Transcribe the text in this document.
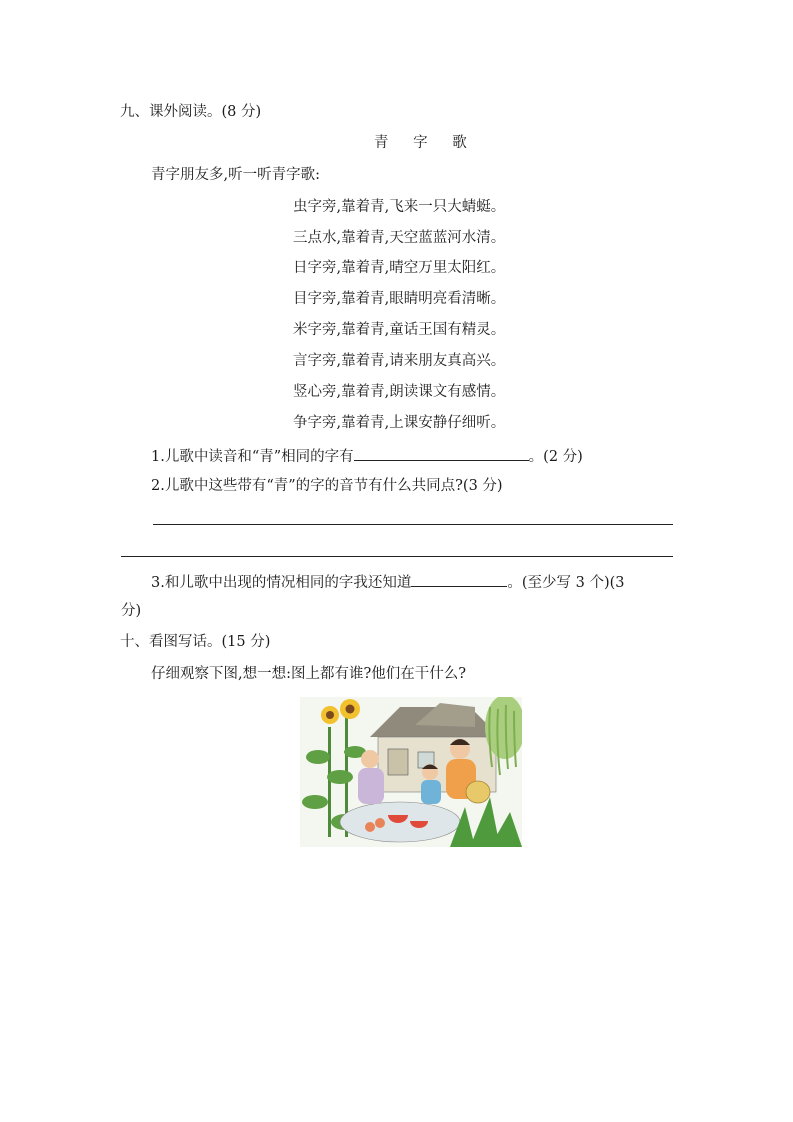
九、课外阅读。(8 分)
青 字 歌
青字朋友多,听一听青字歌:
虫字旁,靠着青,飞来一只大蜻蜓。
三点水,靠着青,天空蓝蓝河水清。
日字旁,靠着青,晴空万里太阳红。
目字旁,靠着青,眼睛明亮看清晰。
米字旁,靠着青,童话王国有精灵。
言字旁,靠着青,请来朋友真高兴。
竖心旁,靠着青,朗读课文有感情。
争字旁,靠着青,上课安静仔细听。
1.儿歌中读音和“青”相同的字有	。(2 分)
2.儿歌中这些带有“青”的字的音节有什么共同点?(3 分)
3.和儿歌中出现的情况相同的字我还知道	。(至少写 3 个)(3
分)
十、看图写话。(15 分)
仔细观察下图,想一想:图上都有谁?他们在干什么?
